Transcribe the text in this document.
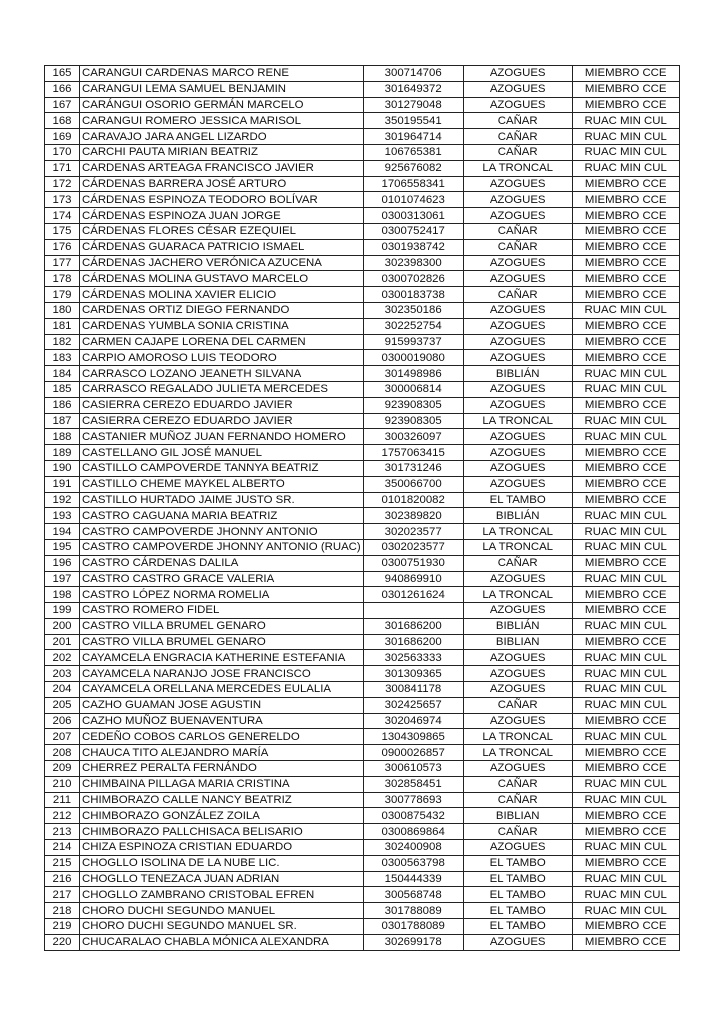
165	CARANGUI CARDENAS MARCO RENE	300714706	AZOGUES	MIEMBRO CCE
166	CARANGUI LEMA SAMUEL BENJAMIN	301649372	AZOGUES	MIEMBRO CCE
167	CARÁNGUI OSORIO GERMÁN MARCELO	301279048	AZOGUES	MIEMBRO CCE
168	CARANGUI ROMERO JESSICA MARISOL	350195541	CAÑAR	RUAC MIN CUL
169	CARAVAJO JARA ANGEL LIZARDO	301964714	CAÑAR	RUAC MIN CUL
170	CARCHI PAUTA MIRIAN BEATRIZ	106765381	CAÑAR	RUAC MIN CUL
171	CARDENAS ARTEAGA FRANCISCO JAVIER	925676082	LA TRONCAL	RUAC MIN CUL
172	CÁRDENAS BARRERA JOSÉ ARTURO	1706558341	AZOGUES	MIEMBRO CCE
173	CÁRDENAS ESPINOZA TEODORO BOLÍVAR	0101074623	AZOGUES	MIEMBRO CCE
174	CÁRDENAS ESPINOZA JUAN JORGE	0300313061	AZOGUES	MIEMBRO CCE
175	CÁRDENAS FLORES CÉSAR EZEQUIEL	0300752417	CAÑAR	MIEMBRO CCE
176	CÁRDENAS GUARACA PATRICIO ISMAEL	0301938742	CAÑAR	MIEMBRO CCE
177	CÁRDENAS JACHERO VERÓNICA AZUCENA	302398300	AZOGUES	MIEMBRO CCE
178	CÁRDENAS MOLINA GUSTAVO MARCELO	0300702826	AZOGUES	MIEMBRO CCE
179	CÁRDENAS MOLINA XAVIER ELICIO	0300183738	CAÑAR	MIEMBRO CCE
180	CARDENAS ORTIZ DIEGO FERNANDO	302350186	AZOGUES	RUAC MIN CUL
181	CARDENAS YUMBLA SONIA CRISTINA	302252754	AZOGUES	MIEMBRO CCE
182	CARMEN CAJAPE LORENA DEL CARMEN	915993737	AZOGUES	MIEMBRO CCE
183	CARPIO AMOROSO LUIS TEODORO	0300019080	AZOGUES	MIEMBRO CCE
184	CARRASCO LOZANO JEANETH SILVANA	301498986	BIBLIÁN	RUAC MIN CUL
185	CARRASCO REGALADO JULIETA MERCEDES	300006814	AZOGUES	RUAC MIN CUL
186	CASIERRA CEREZO EDUARDO JAVIER	923908305	AZOGUES	MIEMBRO CCE
187	CASIERRA CEREZO EDUARDO JAVIER	923908305	LA TRONCAL	RUAC MIN CUL
188	CASTANIER MUÑOZ JUAN FERNANDO HOMERO	300326097	AZOGUES	RUAC MIN CUL
189	CASTELLANO GIL JOSÉ MANUEL	1757063415	AZOGUES	MIEMBRO CCE
190	CASTILLO CAMPOVERDE TANNYA BEATRIZ	301731246	AZOGUES	MIEMBRO CCE
191	CASTILLO CHEME MAYKEL ALBERTO	350066700	AZOGUES	MIEMBRO CCE
192	CASTILLO HURTADO JAIME JUSTO SR.	0101820082	EL TAMBO	MIEMBRO CCE
193	CASTRO CAGUANA MARIA BEATRIZ	302389820	BIBLIÁN	RUAC MIN CUL
194	CASTRO CAMPOVERDE JHONNY ANTONIO	302023577	LA TRONCAL	RUAC MIN CUL
195	CASTRO CAMPOVERDE JHONNY ANTONIO (RUAC)	0302023577	LA TRONCAL	RUAC MIN CUL
196	CASTRO CÁRDENAS DALILA	0300751930	CAÑAR	MIEMBRO CCE
197	CASTRO CASTRO GRACE VALERIA	940869910	AZOGUES	RUAC MIN CUL
198	CASTRO LÓPEZ NORMA ROMELIA	0301261624	LA TRONCAL	MIEMBRO CCE
199	CASTRO ROMERO FIDEL		AZOGUES	MIEMBRO CCE
200	CASTRO VILLA BRUMEL GENARO	301686200	BIBLIÁN	RUAC MIN CUL
201	CASTRO VILLA BRUMEL GENARO	301686200	BIBLIAN	MIEMBRO CCE
202	CAYAMCELA ENGRACIA KATHERINE ESTEFANIA	302563333	AZOGUES	RUAC MIN CUL
203	CAYAMCELA NARANJO JOSE FRANCISCO	301309365	AZOGUES	RUAC MIN CUL
204	CAYAMCELA ORELLANA MERCEDES EULALIA	300841178	AZOGUES	RUAC MIN CUL
205	CAZHO GUAMAN JOSE AGUSTIN	302425657	CAÑAR	RUAC MIN CUL
206	CAZHO MUÑOZ BUENAVENTURA	302046974	AZOGUES	MIEMBRO CCE
207	CEDEÑO COBOS CARLOS GENERELDO	1304309865	LA TRONCAL	RUAC MIN CUL
208	CHAUCA TITO ALEJANDRO MARÍA	0900026857	LA TRONCAL	MIEMBRO CCE
209	CHERREZ PERALTA FERNÁNDO	300610573	AZOGUES	MIEMBRO CCE
210	CHIMBAINA PILLAGA MARIA CRISTINA	302858451	CAÑAR	RUAC MIN CUL
211	CHIMBORAZO CALLE NANCY BEATRIZ	300778693	CAÑAR	RUAC MIN CUL
212	CHIMBORAZO GONZÁLEZ ZOILA	0300875432	BIBLIAN	MIEMBRO CCE
213	CHIMBORAZO PALLCHISACA BELISARIO	0300869864	CAÑAR	MIEMBRO CCE
214	CHIZA ESPINOZA CRISTIAN EDUARDO	302400908	AZOGUES	RUAC MIN CUL
215	CHOGLLO ISOLINA DE LA NUBE LIC.	0300563798	EL TAMBO	MIEMBRO CCE
216	CHOGLLO TENEZACA JUAN ADRIAN	150444339	EL TAMBO	RUAC MIN CUL
217	CHOGLLO ZAMBRANO CRISTOBAL EFREN	300568748	EL TAMBO	RUAC MIN CUL
218	CHORO DUCHI SEGUNDO MANUEL	301788089	EL TAMBO	RUAC MIN CUL
219	CHORO DUCHI SEGUNDO MANUEL SR.	0301788089	EL TAMBO	MIEMBRO CCE
220	CHUCARALAO CHABLA MÓNICA ALEXANDRA	302699178	AZOGUES	MIEMBRO CCE
